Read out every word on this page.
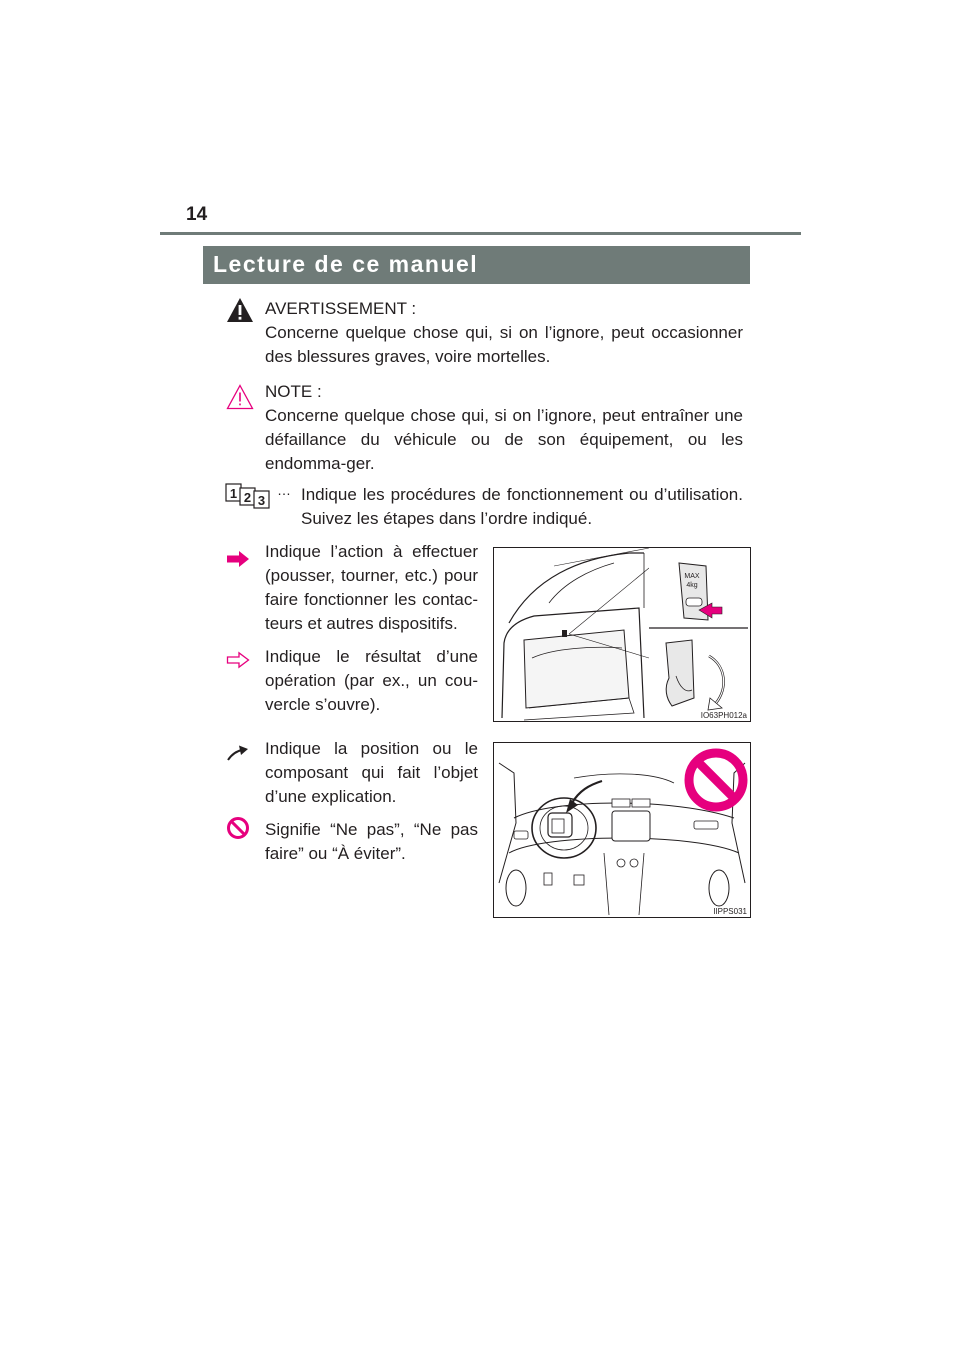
14
Lecture de ce manuel
AVERTISSEMENT :
Concerne quelque chose qui, si on l’ignore, peut occasionner des blessures graves, voire mortelles.
NOTE :
Concerne quelque chose qui, si on l’ignore, peut entraîner une défaillance du véhicule ou de son équipement, ou les endomma-ger.
1 2 3
… Indique les procédures de fonctionnement ou d’utilisation. Suivez les étapes dans l’ordre indiqué.
Indique l’action à effectuer (pousser, tourner, etc.) pour faire fonctionner les contac-teurs et autres dispositifs.
Indique le résultat d’une opération (par ex., un cou-vercle s’ouvre).
MAX
4kg
IO63PH012a
Indique la position ou le composant qui fait l’objet d’une explication.
Signifie “Ne pas”, “Ne pas faire” ou “À éviter”.
IIPPS031
